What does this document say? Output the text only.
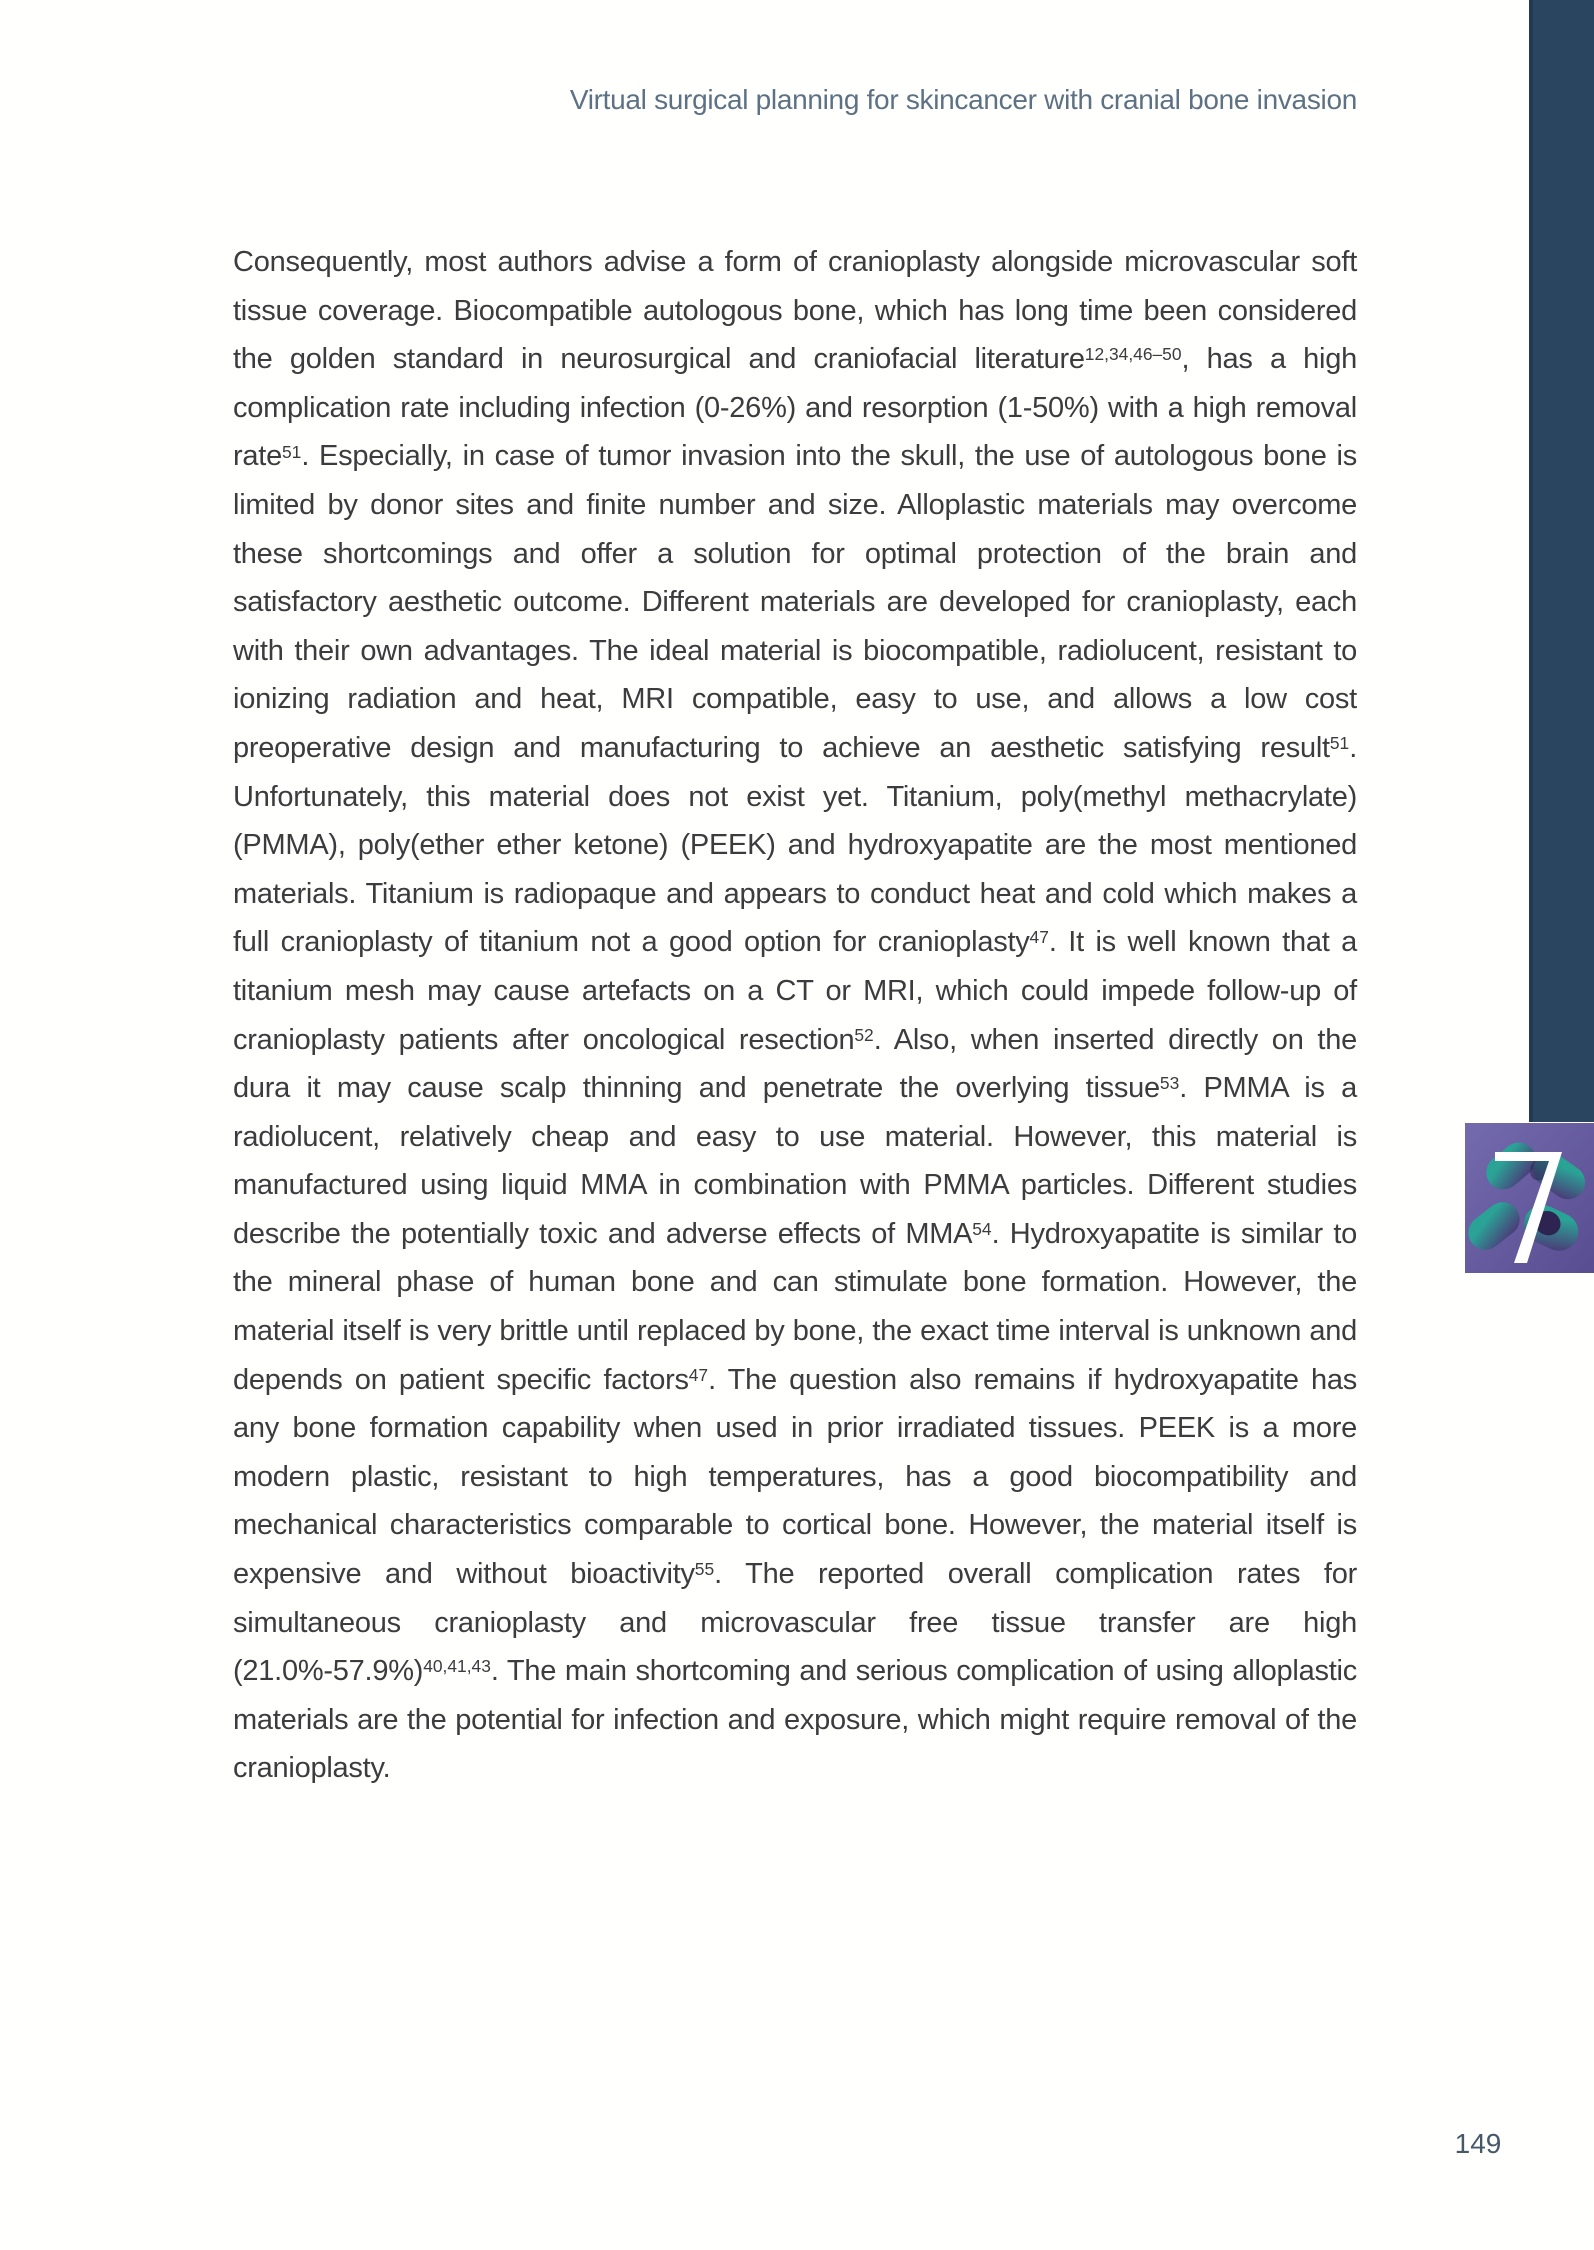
Virtual surgical planning for skincancer with cranial bone invasion
Consequently, most authors advise a form of cranioplasty alongside microvascular soft tissue coverage. Biocompatible autologous bone, which has long time been considered the golden standard in neurosurgical and craniofacial literature$^{12,34,46-50}$, has a high complication rate including infection (0-26%) and resorption (1-50%) with a high removal rate$^{51}$. Especially, in case of tumor invasion into the skull, the use of autologous bone is limited by donor sites and finite number and size. Alloplastic materials may overcome these shortcomings and offer a solution for optimal protection of the brain and satisfactory aesthetic outcome. Different materials are developed for cranioplasty, each with their own advantages. The ideal material is biocompatible, radiolucent, resistant to ionizing radiation and heat, MRI compatible, easy to use, and allows a low cost preoperative design and manufacturing to achieve an aesthetic satisfying result$^{51}$. Unfortunately, this material does not exist yet. Titanium, poly(methyl methacrylate) (PMMA), poly(ether ether ketone) (PEEK) and hydroxyapatite are the most mentioned materials. Titanium is radiopaque and appears to conduct heat and cold which makes a full cranioplasty of titanium not a good option for cranioplasty$^{47}$. It is well known that a titanium mesh may cause artefacts on a CT or MRI, which could impede follow-up of cranioplasty patients after oncological resection$^{52}$. Also, when inserted directly on the dura it may cause scalp thinning and penetrate the overlying tissue$^{53}$. PMMA is a radiolucent, relatively cheap and easy to use material. However, this material is manufactured using liquid MMA in combination with PMMA particles. Different studies describe the potentially toxic and adverse effects of MMA$^{54}$. Hydroxyapatite is similar to the mineral phase of human bone and can stimulate bone formation. However, the material itself is very brittle until replaced by bone, the exact time interval is unknown and depends on patient specific factors$^{47}$. The question also remains if hydroxyapatite has any bone formation capability when used in prior irradiated tissues. PEEK is a more modern plastic, resistant to high temperatures, has a good biocompatibility and mechanical characteristics comparable to cortical bone. However, the material itself is expensive and without bioactivity$^{55}$. The reported overall complication rates for simultaneous cranioplasty and microvascular free tissue transfer are high $(21.0\%-57.9\%)^{40,41,43}$. The main shortcoming and serious complication of using alloplastic materials are the potential for infection and exposure, which might require removal of the cranioplasty.
149
